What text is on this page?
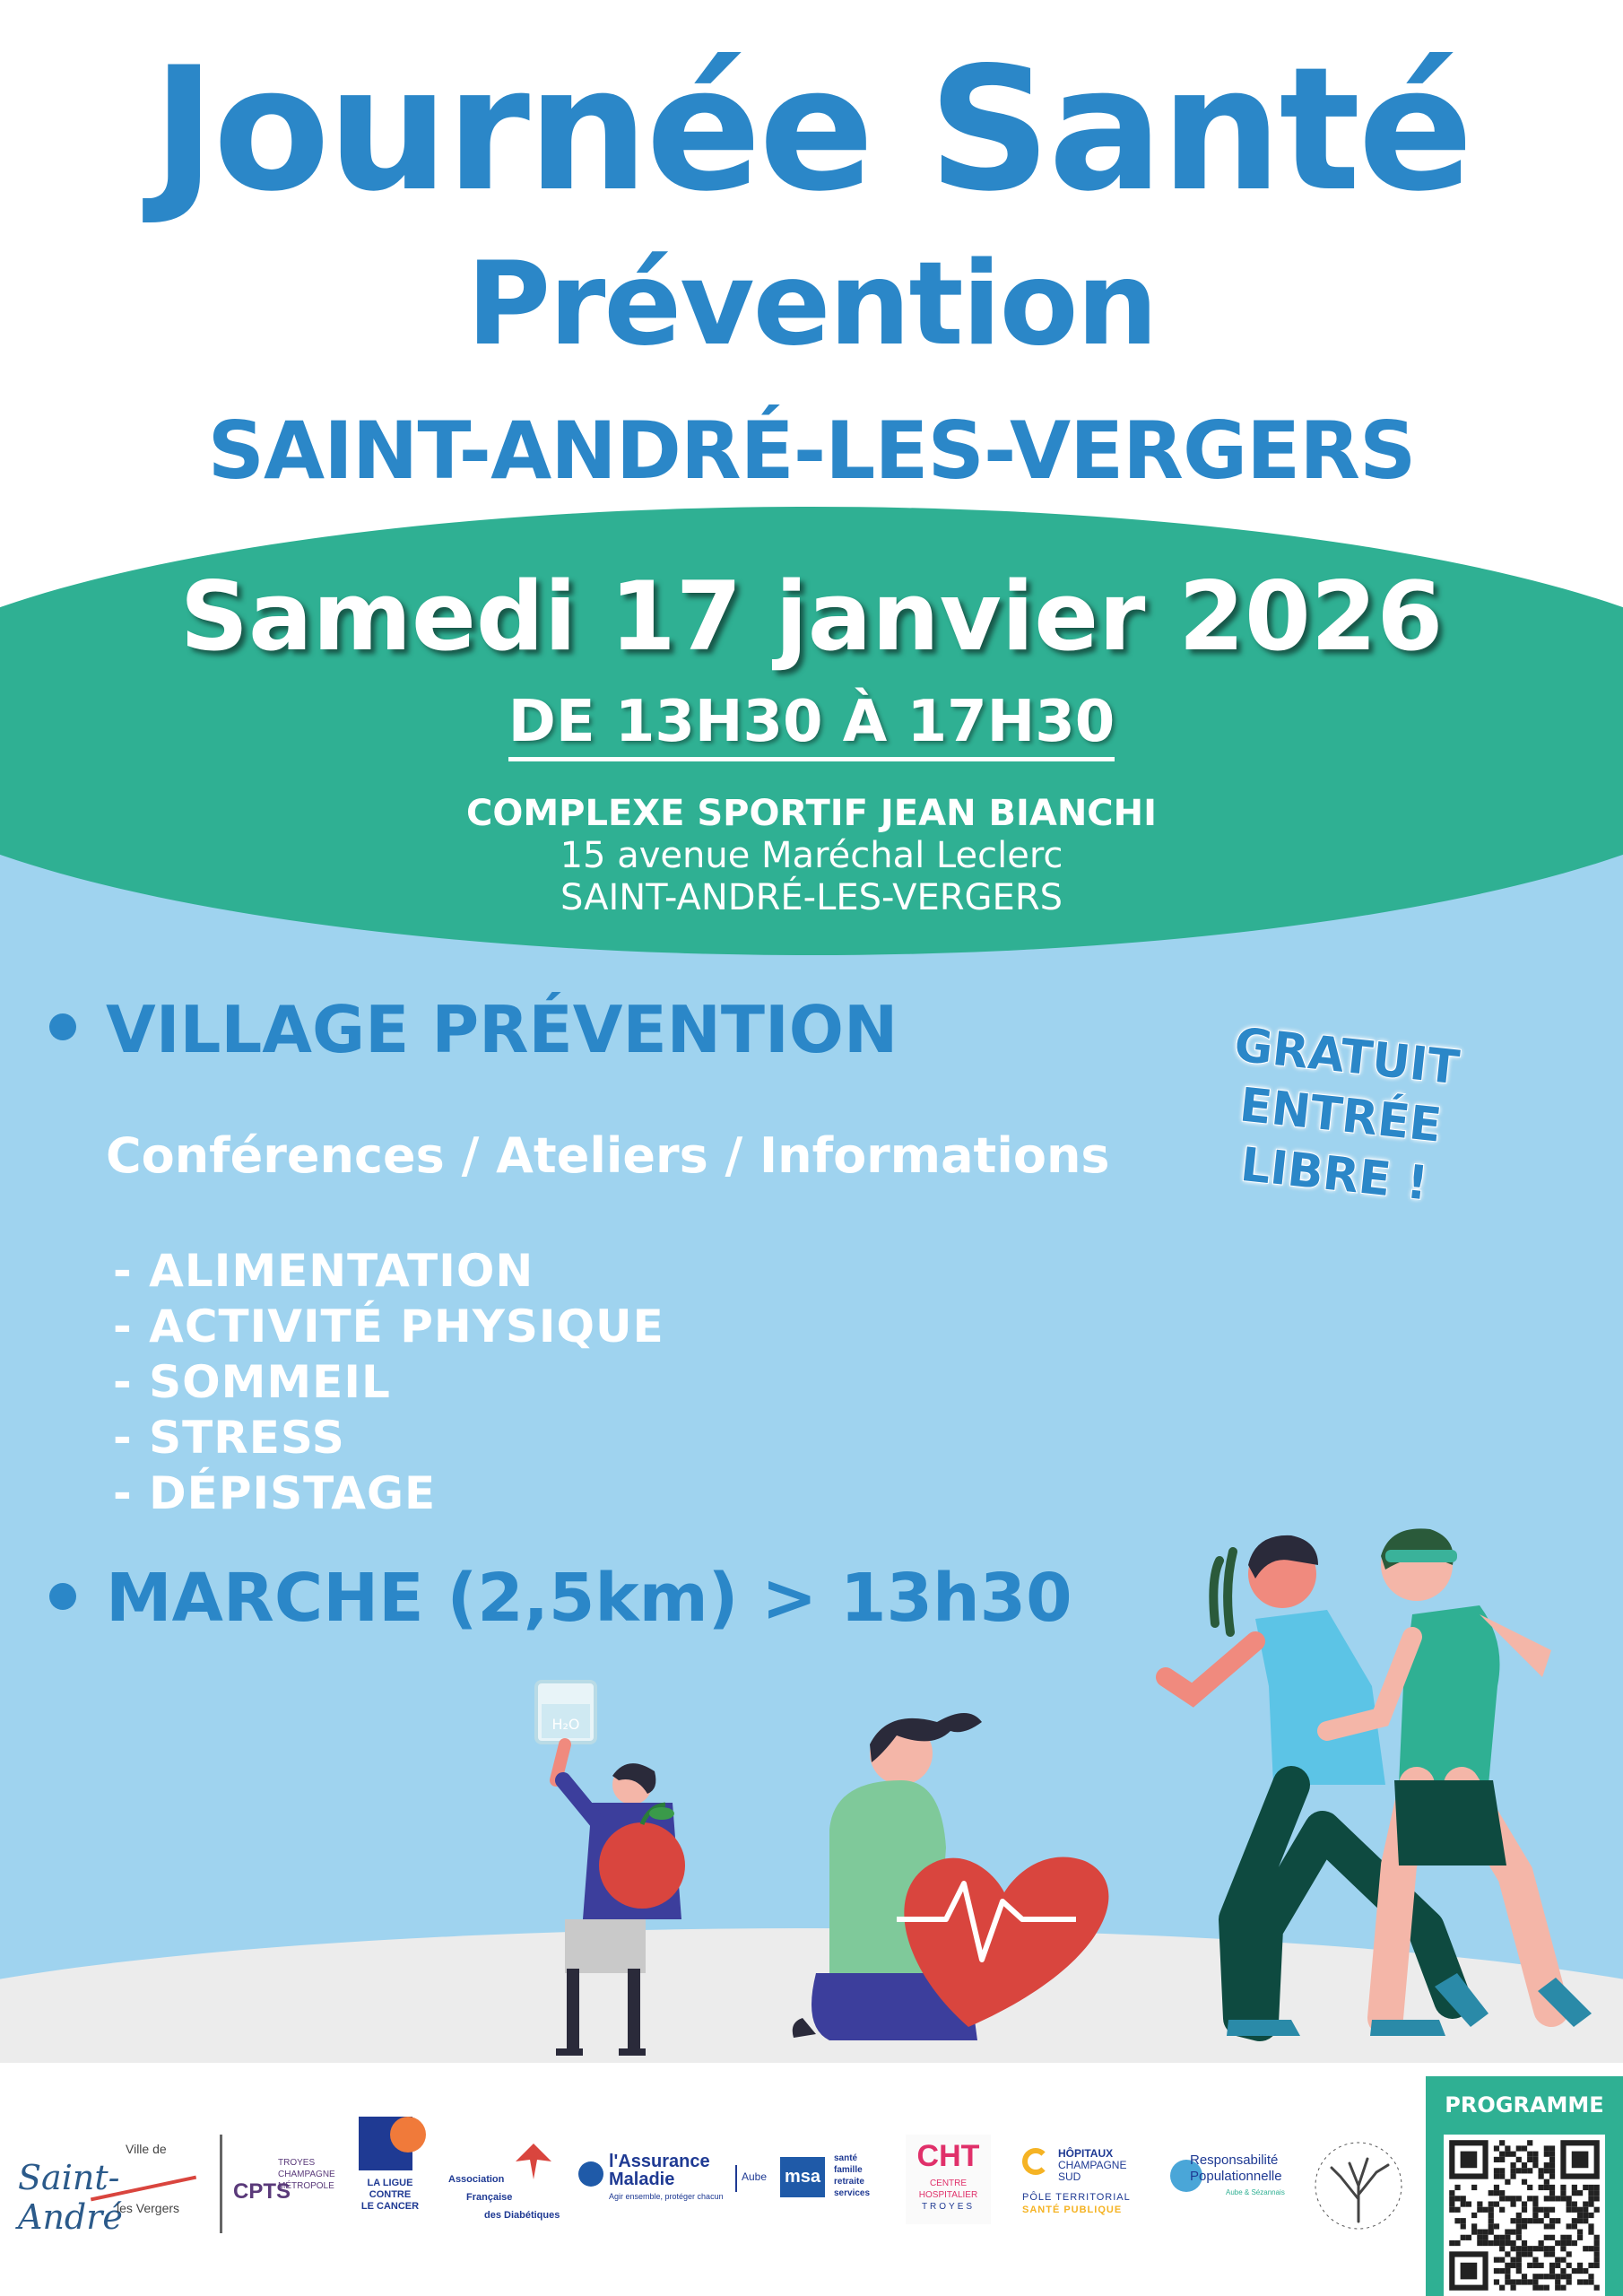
Journée Santé
Prévention
SAINT-ANDRÉ-LES-VERGERS
Samedi 17 janvier 2026
DE 13H30 À 17H30
COMPLEXE SPORTIF JEAN BIANCHI
15 avenue Maréchal Leclerc
SAINT-ANDRÉ-LES-VERGERS
VILLAGE PRÉVENTION
Conférences / Ateliers / Informations
- ALIMENTATION
- ACTIVITÉ PHYSIQUE
- SOMMEIL
- STRESS
- DÉPISTAGE
MARCHE (2,5km) > 13h30
GRATUIT
ENTRÉE
LIBRE !
H₂O
Ville de
Saint-André
les Vergers
CPTS
TROYES
CHAMPAGNE
MÉTROPOLE	LA LIGUE
CONTRE
LE CANCER
Association
Française
des Diabétiques
l'Assurance
Maladie
Agir ensemble, protéger chacun
Aube msa
santé
famille
retraite
services
CHT
CENTRE
HOSPITALIER
TROYES
HÔPITAUX
CHAMPAGNE
SUD
PÔLE TERRITORIAL
SANTÉ PUBLIQUE
Responsabilité
Populationnelle
Aube & Sézannais
PROGRAMME
